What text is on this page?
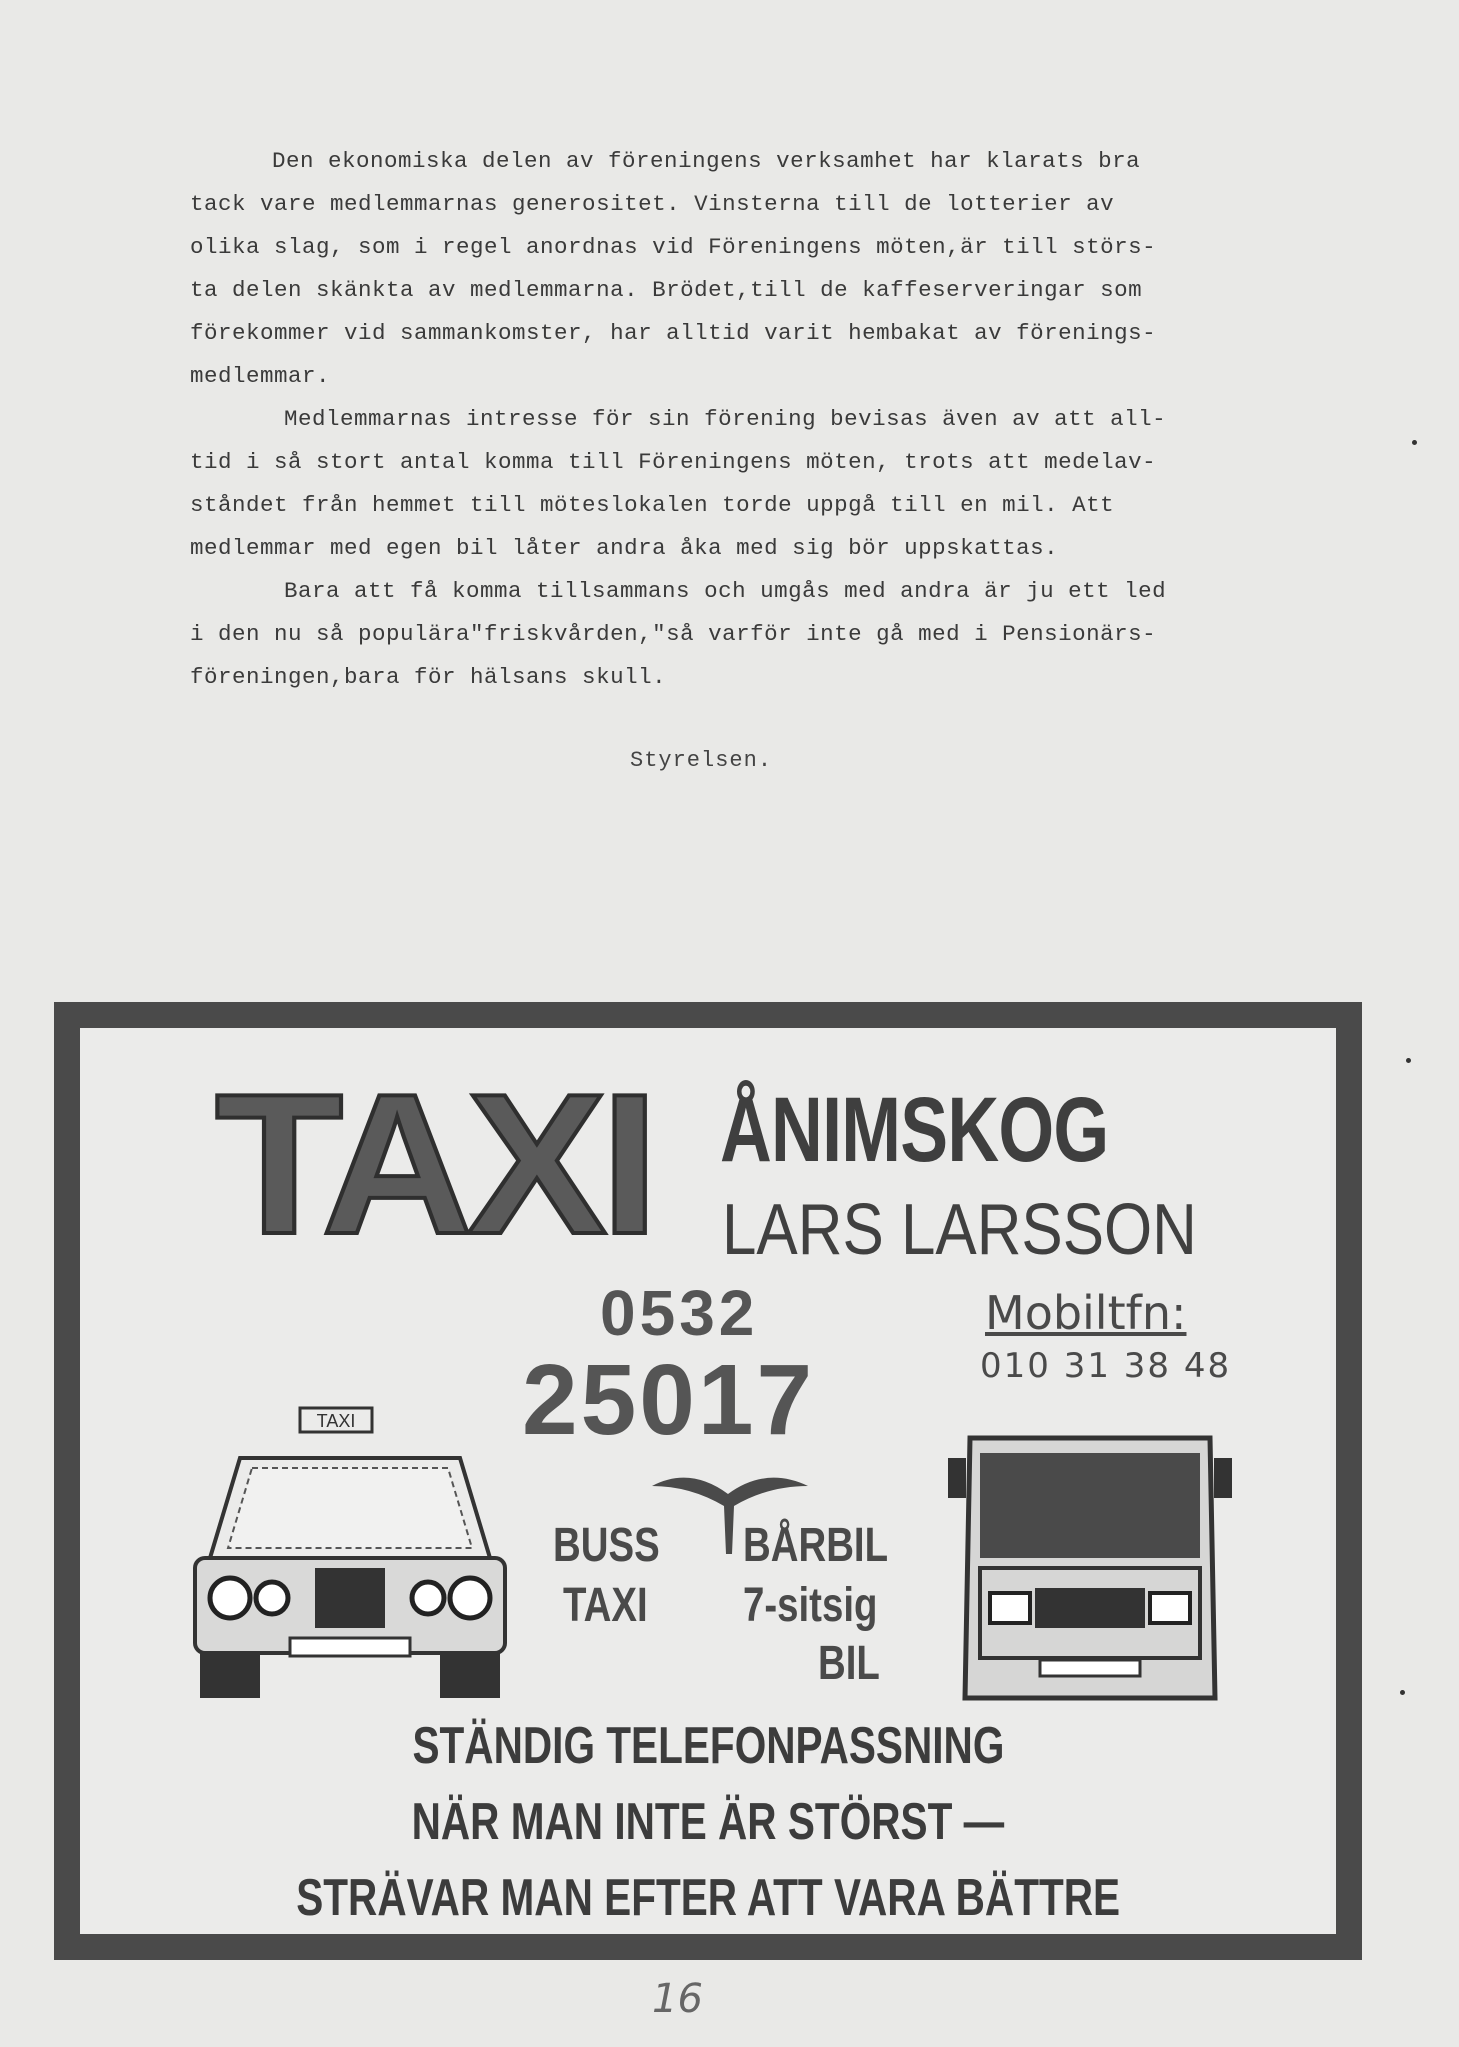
Den ekonomiska delen av föreningens verksamhet har klarats bra

tack vare medlemmarnas generositet. Vinsterna till de lotterier av

olika slag, som i regel anordnas vid Föreningens möten,är till störs-

ta delen skänkta av medlemmarna. Brödet,till de kaffeserveringar som

förekommer vid sammankomster, har alltid varit hembakat av förenings-

medlemmar.

Medlemmarnas intresse för sin förening bevisas även av att all-

tid i så stort antal komma till Föreningens möten, trots att medelav-

ståndet från hemmet till möteslokalen torde uppgå till en mil. Att

medlemmar med egen bil låter andra åka med sig bör uppskattas.

Bara att få komma tillsammans och umgås med andra är ju ett led

i den nu så populära"friskvården,"så varför inte gå med i Pensionärs-

föreningen,bara för hälsans skull.

Styrelsen.
TAXI ÅNIMSKOG
LARS LARSSON
0532
25017
Mobiltfn:
010 31 38 48
BUSS BÅRBIL
TAXI 7-sitsig
BIL
TAXI
STÄNDIG TELEFONPASSNING
NÄR MAN INTE ÄR STÖRST —
STRÄVAR MAN EFTER ATT VARA BÄTTRE
16
